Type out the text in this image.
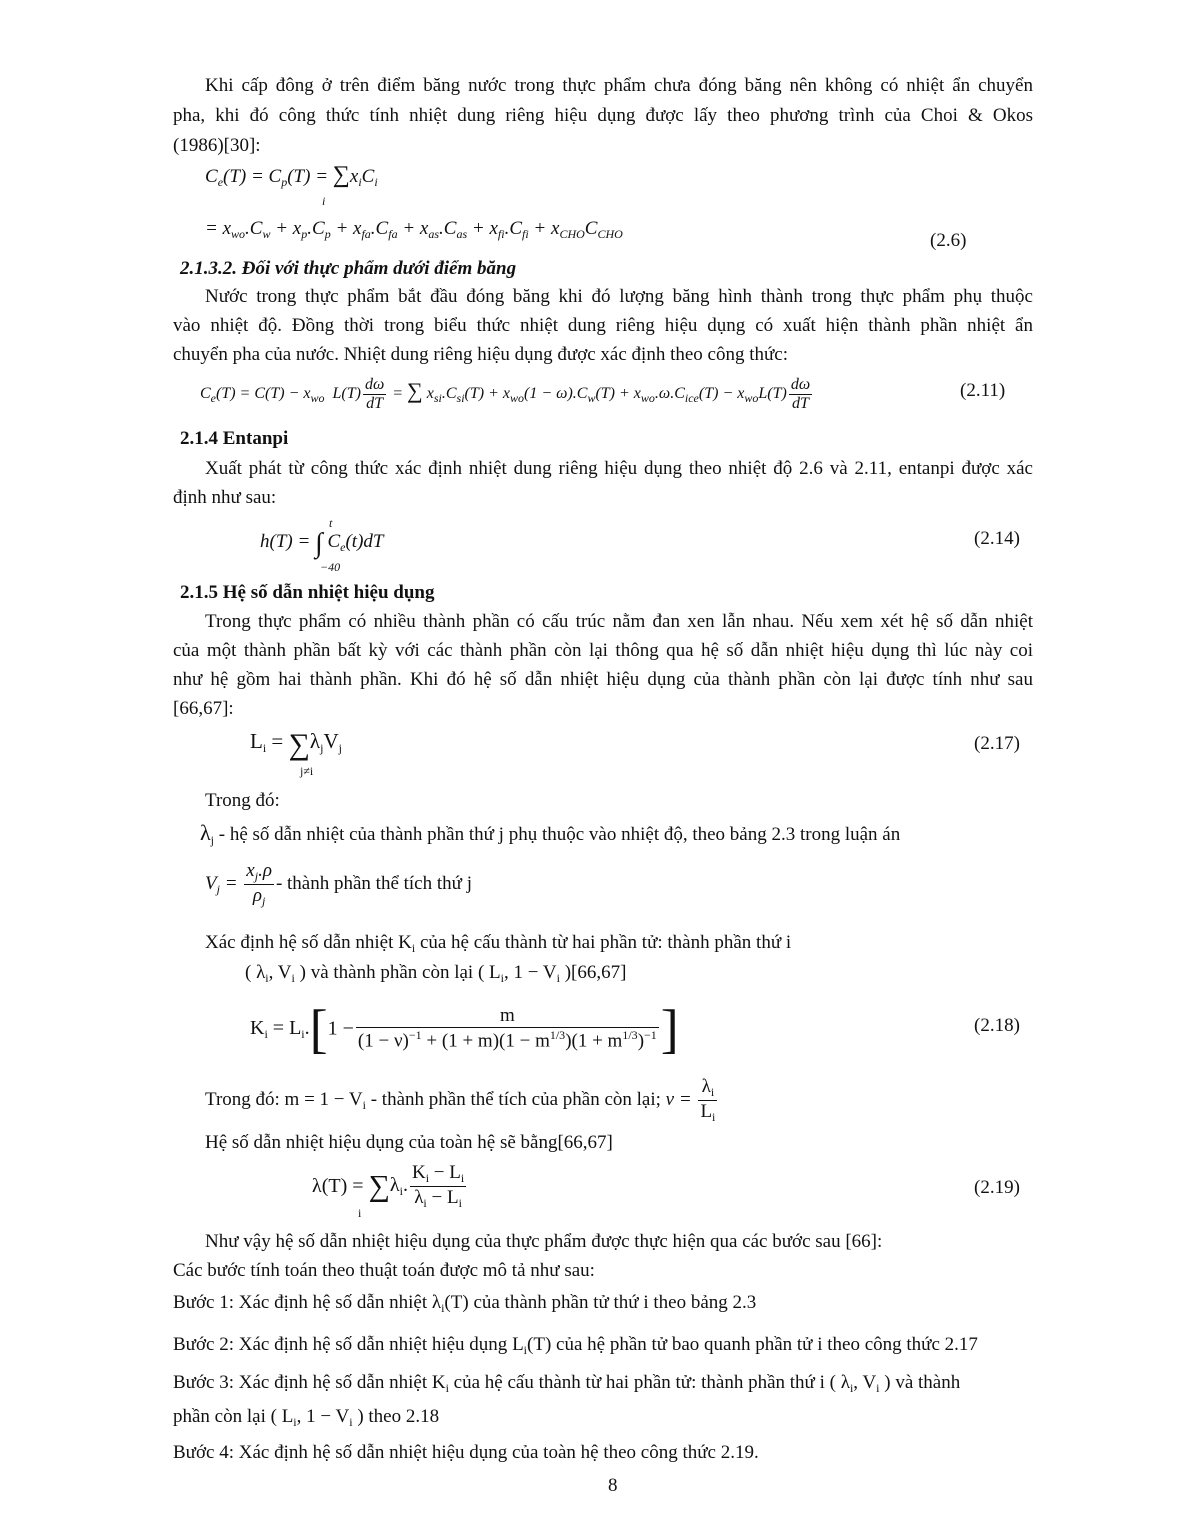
Khi cấp đông ở trên điểm băng nước trong thực phẩm chưa đóng băng nên không có nhiệt ẩn chuyển
pha, khi đó công thức tính nhiệt dung riêng hiệu dụng được lấy theo phương trình của Choi & Okos
(1986)[30]:
$C_e(T) = C_p(T) = \sum x_iC_i$
i
= $x_{wo}.C_w + x_p.C_p + x_{fa}.C_{fa} + x_{as}.C_{as} + x_{fi}.C_{fi} + x_{CHO}C_{CHO}$	(2.6)
2.1.3.2. Đối với thực phẩm dưới điểm băng
Nước trong thực phẩm bắt đầu đóng băng khi đó lượng băng hình thành trong thực phẩm phụ thuộc
vào nhiệt độ. Đồng thời trong biểu thức nhiệt dung riêng hiệu dụng có xuất hiện thành phần nhiệt ẩn
chuyển pha của nước. Nhiệt dung riêng hiệu dụng được xác định theo công thức:
$C_e(T) = C(T) - x_{wo}$  $L(T) \frac{d\omega}{dT}$ = ∑ $x_{si}.C_{si}(T) + x_{wo}(1 - \omega).C_w(T) + x_{wo}.\omega.C_{ice}(T) - x_{wo}L(T) \frac{d\omega}{dT}$	(2.11)
2.1.4 Entanpi
Xuất phát từ công thức xác định nhiệt dung riêng hiệu dụng theo nhiệt độ 2.6 và 2.11, entanpi được xác
định như sau:
t
h(T) = ∫ $C_e(t)dT$
−40
(2.14)
2.1.5 Hệ số dẫn nhiệt hiệu dụng
Trong thực phẩm có nhiều thành phần có cấu trúc nằm đan xen lẫn nhau. Nếu xem xét hệ số dẫn nhiệt
của một thành phần bất kỳ với các thành phần còn lại thông qua hệ số dẫn nhiệt hiệu dụng thì lúc này coi
như hệ gồm hai thành phần. Khi đó hệ số dẫn nhiệt hiệu dụng của thành phần còn lại được tính như sau
[66,67]:
$L_i = \sum\lambda_jV_j$
j≠i
(2.17)
Trong đó:
$\lambda_j$ - hệ số dẫn nhiệt của thành phần thứ j phụ thuộc vào nhiệt độ, theo bảng 2.3 trong luận án
$V_j = \frac{x_j.\rho}{\rho_j}$ - thành phần thể tích thứ j
Xác định hệ số dẫn nhiệt $K_i$ của hệ cấu thành từ hai phần tử: thành phần thứ i
( $\lambda_i$, $V_i$ ) và thành phần còn lại ( $L_i$, $1 - V_i$ )[66,67]
$K_i = L_i.[1 - \frac{m}{(1 - \nu)^{-1} + (1 + m)(1 - m^{1/3})(1 + m^{1/3})^{-1}}$ ]	(2.18)
Trong đó: $m = 1 - V_i$ - thành phần thể tích của phần còn lại; $\nu = \frac{\lambda_i}{L_i}$
Hệ số dẫn nhiệt hiệu dụng của toàn hệ sẽ bằng[66,67]
$\lambda(T) = \sum\lambda_i$. $\frac{K_i - L_i}{\lambda_i - L_i}$
i
(2.19)
Như vậy hệ số dẫn nhiệt hiệu dụng của thực phẩm được thực hiện qua các bước sau [66]:
Các bước tính toán theo thuật toán được mô tả như sau:
Bước 1: Xác định hệ số dẫn nhiệt $\lambda_i(T)$ của thành phần tử thứ i theo bảng 2.3
Bước 2: Xác định hệ số dẫn nhiệt hiệu dụng $L_i(T)$ của hệ phần tử bao quanh phần tử i theo công thức 2.17
Bước 3: Xác định hệ số dẫn nhiệt $K_i$ của hệ cấu thành từ hai phần tử: thành phần thứ i ( $\lambda_i$, $V_i$ ) và thành
phần còn lại ( $L_i$, $1 - V_i$ ) theo 2.18
Bước 4: Xác định hệ số dẫn nhiệt hiệu dụng của toàn hệ theo công thức 2.19.
8
